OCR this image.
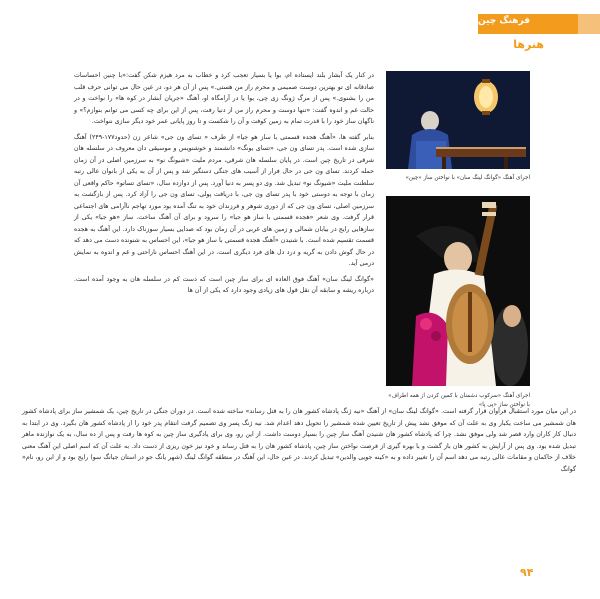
فرهنگ چین
هنرها

در کنار یک آبشار بلند ایستاده ام، بوا یا بسیار تعجب کرد و خطاب به مرد هیزم شکن گفت:«با چنین احساسات صادقانه ای تو بهترین دوست صمیمی و محرم راز من هستی.» پس از آن هر دو، در عین حال می توانی حرف قلب من را بشنوی.» پس از مرگ ژونگ زی چی، بوا یا در آرامگاه او، آهنگ «جریان آبشار در کوه ها» را نواخت و در حالت غم و اندوه گفت: «تنها دوست و محرم راز من از دنیا رفت، پس از این برای چه کسی می توانم بنوازم؟» و ناگهان ساز خود را با قدرت تمام به زمین کوفت و آن را شکست و تا روز پایانی عمر خود دیگر سازی ننواخت.

بنابر گفته ها، «آهنگ هجده قسمتی با ساز هو جیا» از طرف « تسای ون جی» شاعر زن (حدود۱۷۷-۲۴۹) آهنگ سازی شده است. پدر تسای ون جی، «تسای یونگ» دانشمند و خوشنویس و موسیقی دان معروف در سلسله هان شرقی در تاریخ چین است. در پایان سلسله هان شرقی، مردم ملیت «شیونگ نو» به سرزمین اصلی در آن زمان حمله کردند. تسای ون جی در حال فرار از آسیب های جنگی دستگیر شد و پس از آن به یکی از بانوان عالی رتبه سلطنت ملیت «شیونگ نو» تبدیل شد. وی دو پسر به دنیا آورد. پس از دوازده سال، «تسای تساتو» حاکم واقعی آن زمان با توجه به دوستی خود با پدر تسای ون جی، با دریافت پولی، تسای ون جی را آزاد کرد. پس از بازگشت به سرزمین اصلی، تسای ون جی که از دوری شوهر و فرزندان خود به تنگ آمده بود مورد تهاجم ناآرامی های اجتماعی قرار گرفت. وی شعر «هجده قسمتی با ساز هو جیا» را سرود و برای آن آهنگ ساخت. ساز «هو جیا» یکی از سازهایی رایج در بیابان شمالی و زمین های غربی در آن زمان بود که صدایی بسیار سوزناک دارد. این آهنگ به هجده قسمت تقسیم شده است. با شنیدن «آهنگ هجده قسمتی با ساز هو جیا»، این احساس به شنونده دست می دهد که در حال گوش دادن به گریه و درد دل های فرد دیگری است. در این آهنگ احساس ناراحتی و غم و اندوه به نمایش درمی آید.

«گوانگ لینگ سان» آهنگ فوق العاده ای برای ساز چین است که دست کم در سلسله هان به وجود آمده است. درباره ریشه و سابقه آن نقل قول های زیادی وجود دارد که یکی از آن ها

اجرای آهنگ «گوانگ لینگ سان» با نواختن ساز «چین»
اجرای آهنگ «سرکوب دشمنان با کمین کردن از همه اطراف» با نواختن ساز «پی پا»

در این میان مورد استقبال فراوان قرار گرفته است. «گوانگ لینگ سان» از آهنگ «نیه ژنگ پادشاه کشور هان را به قتل رساند» ساخته شده است. در دوران جنگی در تاریخ چین، یک شمشیر ساز برای پادشاه کشور هان شمشیر می ساخت یکبار وی به علت آن که موفق نشد پیش از تاریخ تعیین شده شمشیر را تحویل دهد اعدام شد. نیه ژنگ پسر وی تصمیم گرفت انتقام پدر خود را از پادشاه کشور هان بگیرد. وی در ابتدا به دنبال کار کاران وارد قصر شد ولی موفق نشد. چرا که پادشاه کشور هان شنیدن آهنگ ساز چین را بسیار دوست داشت. از این رو، وی برای یادگیری ساز چین به کوه ها رفت و پس از ده سال، به یک نوازنده ماهر تبدیل شده بود. وی پس از آرایش به کشور هان باز گشت و با بهره گیری از فرصت نواختن ساز چین، پادشاه کشور هان را به قتل رساند و خود نیز خون ریزی از دست داد. به علت آن که اسم اصلی این آهنگ معنی خلاف از حاکمان و مقامات عالی رتبه می دهد اسم آن را تغییر داده و به «کینه جویی والدین» تبدیل کردند. در عین حال، این آهنگ در منطقه گوانگ لینگ (شهر یانگ جو در استان جیانگ سو) رایج بود و از این رو، نام« گوانگ

۹۴
